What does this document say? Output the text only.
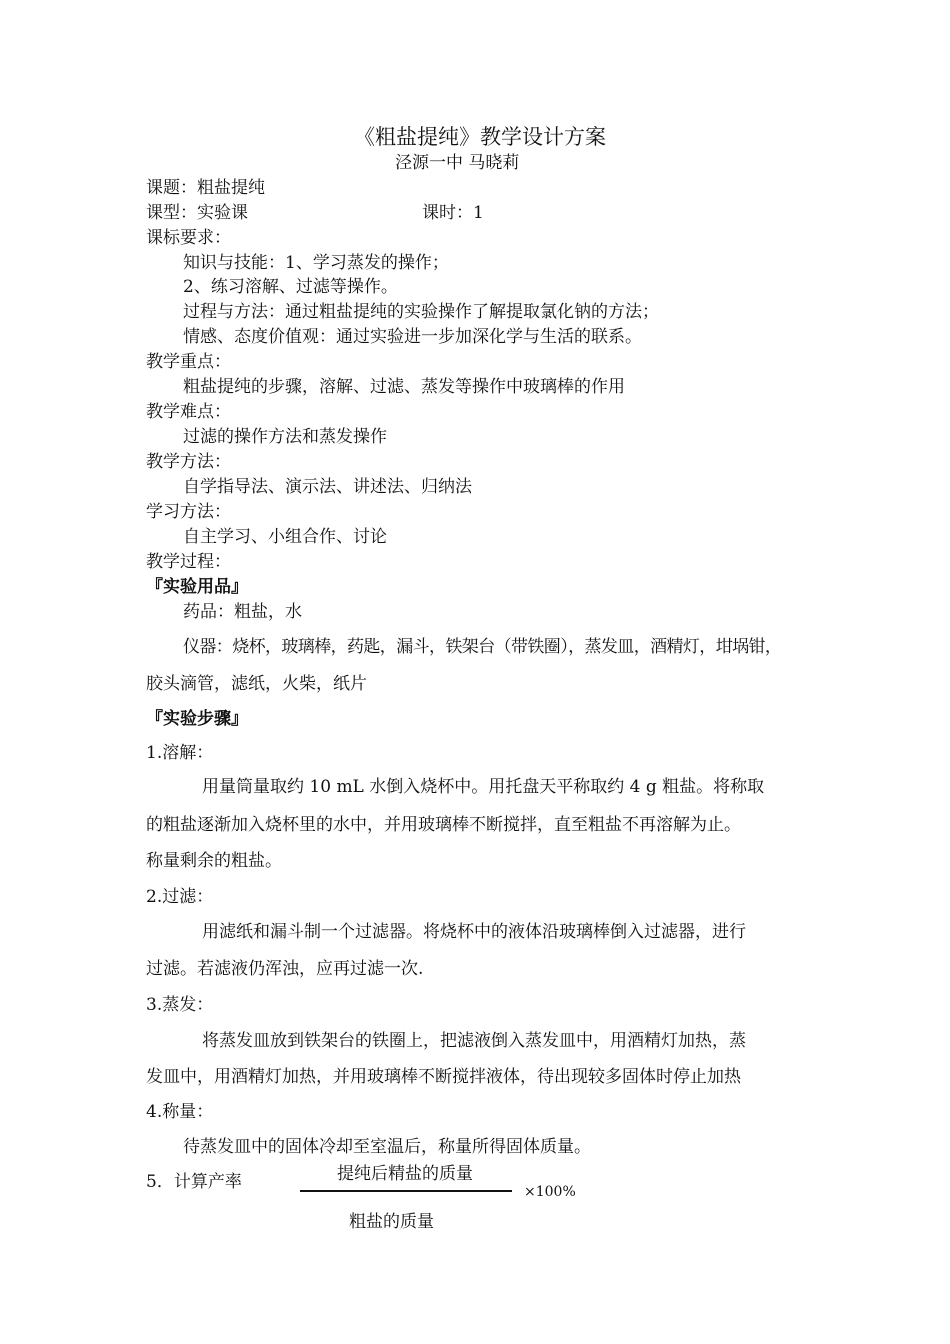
《粗盐提纯》教学设计方案
泾源一中 马晓莉
课题：粗盐提纯
课型：实验课	课时：1
课标要求：
知识与技能：1、学习蒸发的操作；
2、练习溶解、过滤等操作。
过程与方法：通过粗盐提纯的实验操作了解提取氯化钠的方法；
情感、态度价值观：通过实验进一步加深化学与生活的联系。
教学重点：
粗盐提纯的步骤，溶解、过滤、蒸发等操作中玻璃棒的作用
教学难点：
过滤的操作方法和蒸发操作
教学方法：
自学指导法、演示法、讲述法、归纳法
学习方法：
自主学习、小组合作、讨论
教学过程：
『实验用品』
药品：粗盐，水
仪器：烧杯，玻璃棒，药匙，漏斗，铁架台（带铁圈），蒸发皿，酒精灯，坩埚钳，
胶头滴管，滤纸，火柴，纸片
『实验步骤』
1.溶解：
用量筒量取约 10 mL 水倒入烧杯中。用托盘天平称取约 4 g 粗盐。将称取
的粗盐逐渐加入烧杯里的水中，并用玻璃棒不断搅拌，直至粗盐不再溶解为止。
称量剩余的粗盐。
2.过滤：
用滤纸和漏斗制一个过滤器。将烧杯中的液体沿玻璃棒倒入过滤器，进行
过滤。若滤液仍浑浊，应再过滤一次.
3.蒸发：
将蒸发皿放到铁架台的铁圈上，把滤液倒入蒸发皿中，用酒精灯加热，蒸
发皿中，用酒精灯加热，并用玻璃棒不断搅拌液体，待出现较多固体时停止加热
4.称量：
待蒸发皿中的固体冷却至室温后，称量所得固体质量。
5．计算产率	提纯后精盐的质量
×100%
粗盐的质量
